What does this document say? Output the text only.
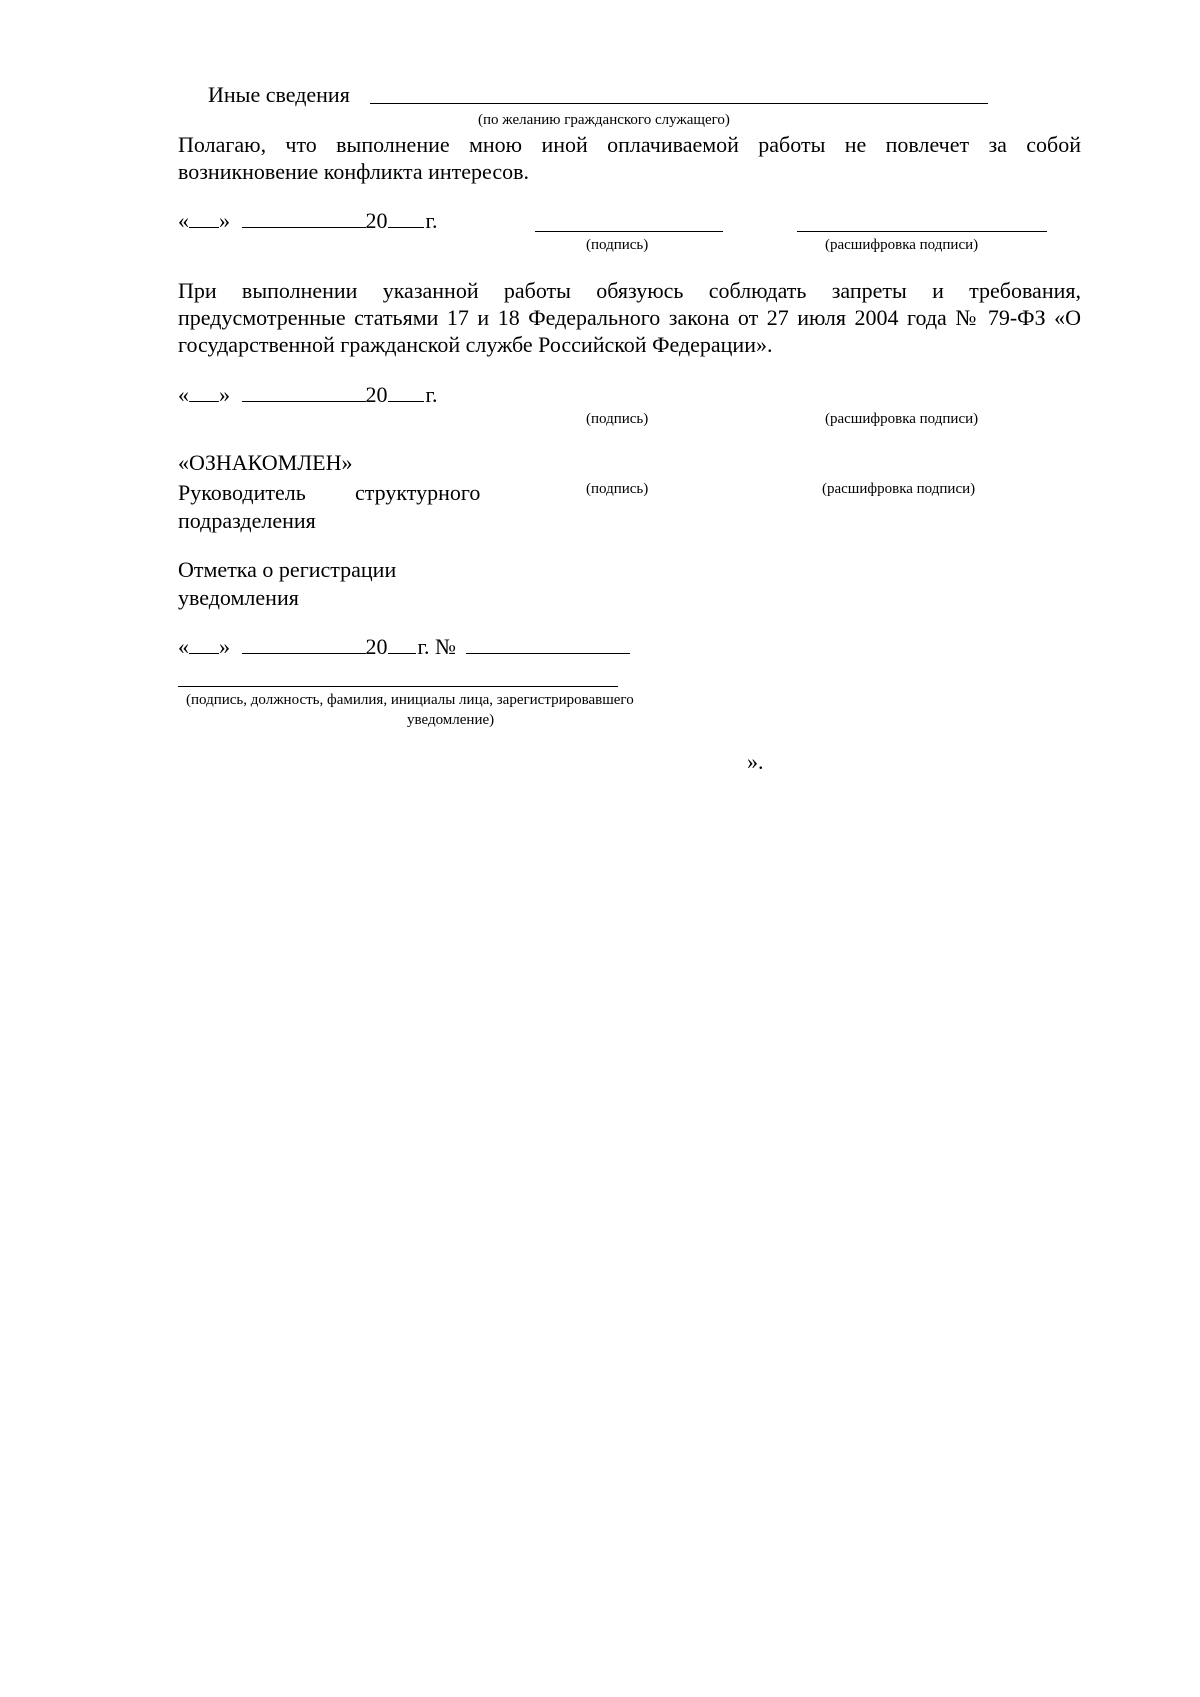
Иные сведения
(по желанию гражданского служащего)
Полагаю, что выполнение мною иной оплачиваемой работы не повлечет за собой возникновение конфликта интересов.
« »	20 г.
(подпись)	(расшифровка подписи)
При выполнении указанной работы обязуюсь соблюдать запреты и требования, предусмотренные статьями 17 и 18 Федерального закона от 27 июля 2004 года № 79-ФЗ «О государственной гражданской службе Российской Федерации».
« »	20 г.
(подпись)	(расшифровка подписи)
«ОЗНАКОМЛЕН»
Руководитель структурного
подразделения
(подпись)	(расшифровка подписи)
Отметка о регистрации
уведомления
« »	20 г. №
(подпись, должность, фамилия, инициалы лица, зарегистрировавшего
уведомление)
».
